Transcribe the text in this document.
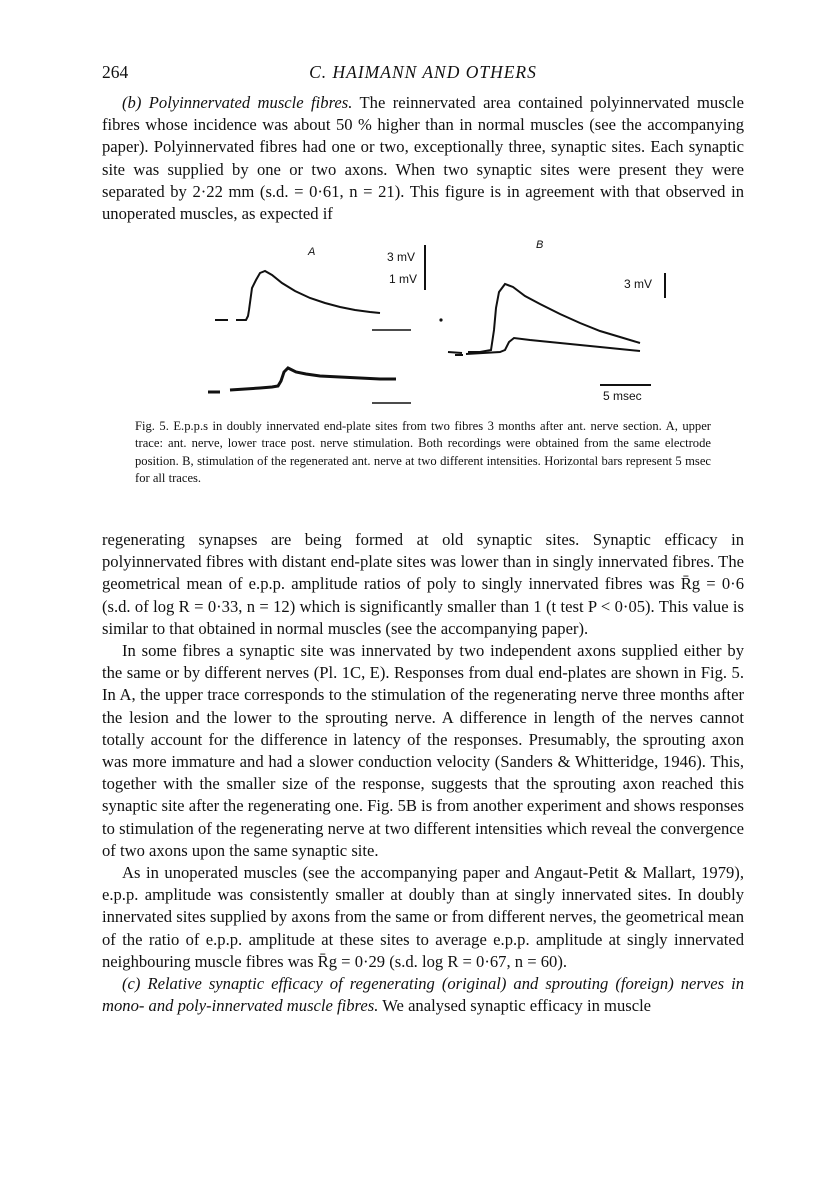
264	C. HAIMANN AND OTHERS

(b) Polyinnervated muscle fibres. The reinnervated area contained polyinnervated muscle fibres whose incidence was about 50 % higher than in normal muscles (see the accompanying paper). Polyinnervated fibres had one or two, exceptionally three, synaptic sites. Each synaptic site was supplied by one or two axons. When two synaptic sites were present they were separated by 2·22 mm (s.d. = 0·61, n = 21). This figure is in agreement with that observed in unoperated muscles, as expected if

A
B
3 mV
1 mV	3 mV
5 msec
Fig. 5. E.p.p.s in doubly innervated end-plate sites from two fibres 3 months after ant. nerve section. A, upper trace: ant. nerve, lower trace post. nerve stimulation. Both recordings were obtained from the same electrode position. B, stimulation of the regenerated ant. nerve at two different intensities. Horizontal bars represent 5 msec for all traces.

regenerating synapses are being formed at old synaptic sites. Synaptic efficacy in polyinnervated fibres with distant end-plate sites was lower than in singly innervated fibres. The geometrical mean of e.p.p. amplitude ratios of poly to singly innervated fibres was R̄g = 0·6 (s.d. of log R = 0·33, n = 12) which is significantly smaller than 1 (t test P < 0·05). This value is similar to that obtained in normal muscles (see the accompanying paper).

In some fibres a synaptic site was innervated by two independent axons supplied either by the same or by different nerves (Pl. 1C, E). Responses from dual end-plates are shown in Fig. 5. In A, the upper trace corresponds to the stimulation of the regenerating nerve three months after the lesion and the lower to the sprouting nerve. A difference in length of the nerves cannot totally account for the difference in latency of the responses. Presumably, the sprouting axon was more immature and had a slower conduction velocity (Sanders & Whitteridge, 1946). This, together with the smaller size of the response, suggests that the sprouting axon reached this synaptic site after the regenerating one. Fig. 5B is from another experiment and shows responses to stimulation of the regenerating nerve at two different intensities which reveal the convergence of two axons upon the same synaptic site.

As in unoperated muscles (see the accompanying paper and Angaut-Petit & Mallart, 1979), e.p.p. amplitude was consistently smaller at doubly than at singly innervated sites. In doubly innervated sites supplied by axons from the same or from different nerves, the geometrical mean of the ratio of e.p.p. amplitude at these sites to average e.p.p. amplitude at singly innervated neighbouring muscle fibres was R̄g = 0·29 (s.d. log R = 0·67, n = 60).

(c) Relative synaptic efficacy of regenerating (original) and sprouting (foreign) nerves in mono- and poly-innervated muscle fibres. We analysed synaptic efficacy in muscle
